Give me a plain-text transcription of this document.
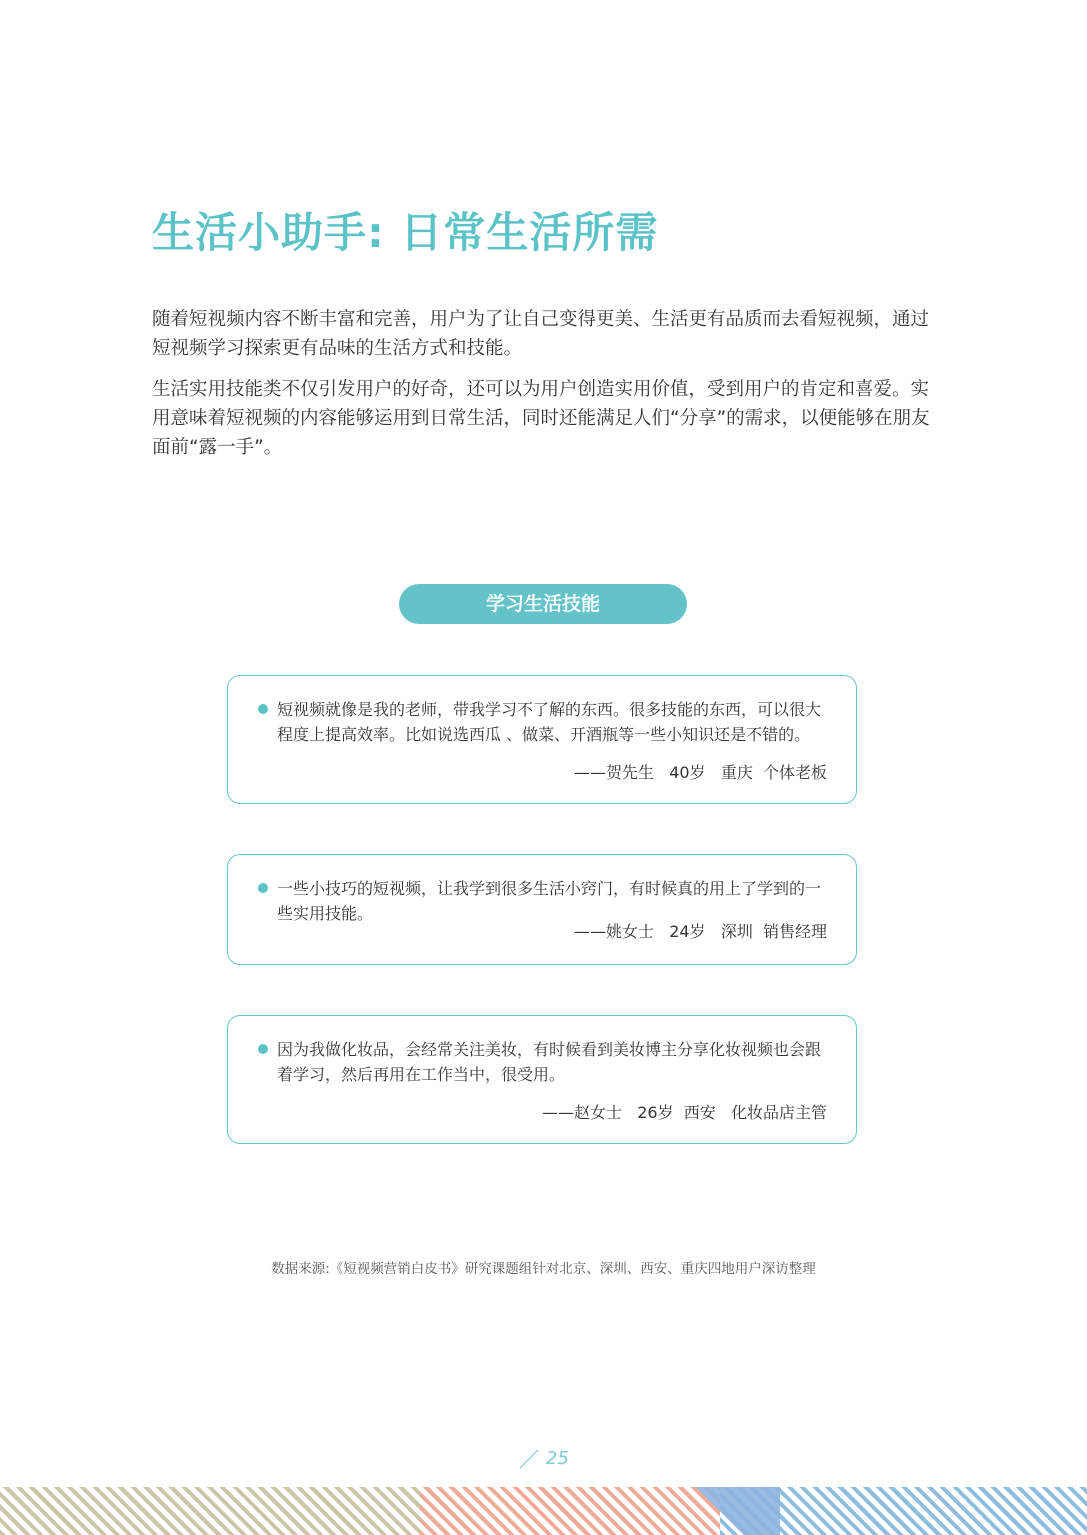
生活小助手: 日常生活所需

随着短视频内容不断丰富和完善，用户为了让自己变得更美、生活更有品质而去看短视频，通过短视频学习探索更有品味的生活方式和技能。

生活实用技能类不仅引发用户的好奇，还可以为用户创造实用价值，受到用户的肯定和喜爱。实用意味着短视频的内容能够运用到日常生活，同时还能满足人们“分享”的需求，以便能够在朋友面前“露一手”。

学习生活技能

短视频就像是我的老师，带我学习不了解的东西。很多技能的东西，可以很大程度上提高效率。比如说选西瓜 、做菜、开酒瓶等一些小知识还是不错的。

——贺先生   40岁   重庆  个体老板

一些小技巧的短视频，让我学到很多生活小窍门，有时候真的用上了学到的一些实用技能。

——姚女士   24岁   深圳  销售经理

因为我做化妆品，会经常关注美妆，有时候看到美妆博主分享化妆视频也会跟着学习，然后再用在工作当中，很受用。

——赵女士   26岁  西安   化妆品店主管

数据来源:《短视频营销白皮书》研究课题组针对北京、深圳、西安、重庆四地用户深访整理

25
